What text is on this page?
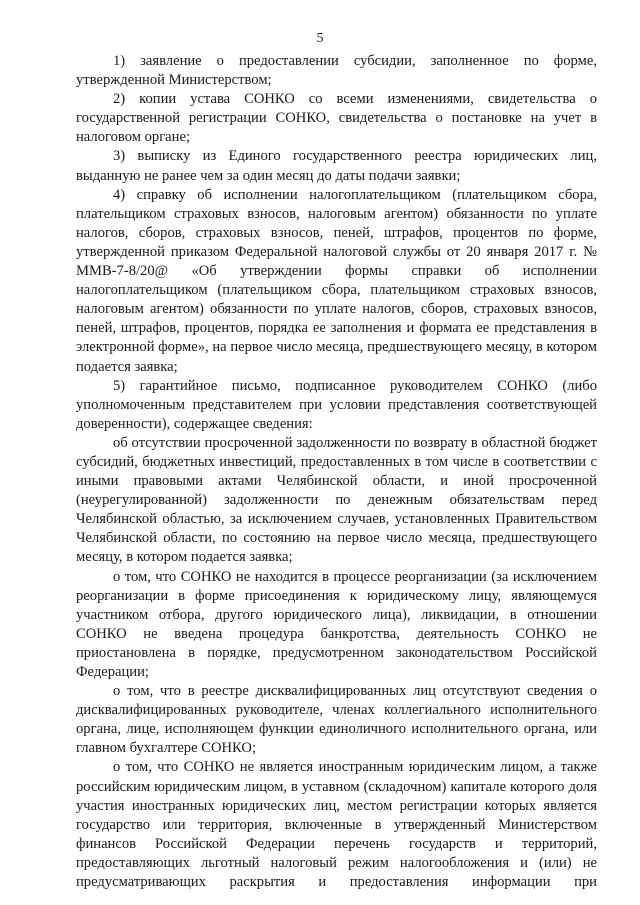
5

1) заявление о предоставлении субсидии, заполненное по форме, утвержденной Министерством;

2) копии устава СОНКО со всеми изменениями, свидетельства о государственной регистрации СОНКО, свидетельства о постановке на учет в налоговом органе;

3) выписку из Единого государственного реестра юридических лиц, выданную не ранее чем за один месяц до даты подачи заявки;

4) справку об исполнении налогоплательщиком (плательщиком сбора, плательщиком страховых взносов, налоговым агентом) обязанности по уплате налогов, сборов, страховых взносов, пеней, штрафов, процентов по форме, утвержденной приказом Федеральной налоговой службы от 20 января 2017 г. № ММВ-7-8/20@ «Об утверждении формы справки об исполнении налогоплательщиком (плательщиком сбора, плательщиком страховых взносов, налоговым агентом) обязанности по уплате налогов, сборов, страховых взносов, пеней, штрафов, процентов, порядка ее заполнения и формата ее представления в электронной форме», на первое число месяца, предшествующего месяцу, в котором подается заявка;

5) гарантийное письмо, подписанное руководителем СОНКО (либо уполномоченным представителем при условии представления соответствующей доверенности), содержащее сведения:

об отсутствии просроченной задолженности по возврату в областной бюджет субсидий, бюджетных инвестиций, предоставленных в том числе в соответствии с иными правовыми актами Челябинской области, и иной просроченной (неурегулированной) задолженности по денежным обязательствам перед Челябинской областью, за исключением случаев, установленных Правительством Челябинской области, по состоянию на первое число месяца, предшествующего месяцу, в котором подается заявка;

о том, что СОНКО не находится в процессе реорганизации (за исключением реорганизации в форме присоединения к юридическому лицу, являющемуся участником отбора, другого юридического лица), ликвидации, в отношении СОНКО не введена процедура банкротства, деятельность СОНКО не приостановлена в порядке, предусмотренном законодательством Российской Федерации;

о том, что в реестре дисквалифицированных лиц отсутствуют сведения о дисквалифицированных руководителе, членах коллегиального исполнительного органа, лице, исполняющем функции единоличного исполнительного органа, или главном бухгалтере СОНКО;

о том, что СОНКО не является иностранным юридическим лицом, а также российским юридическим лицом, в уставном (складочном) капитале которого доля участия иностранных юридических лиц, местом регистрации которых является государство или территория, включенные в утвержденный Министерством финансов Российской Федерации перечень государств и территорий, предоставляющих льготный налоговый режим налогообложения и (или) не предусматривающих раскрытия и предоставления информации при
